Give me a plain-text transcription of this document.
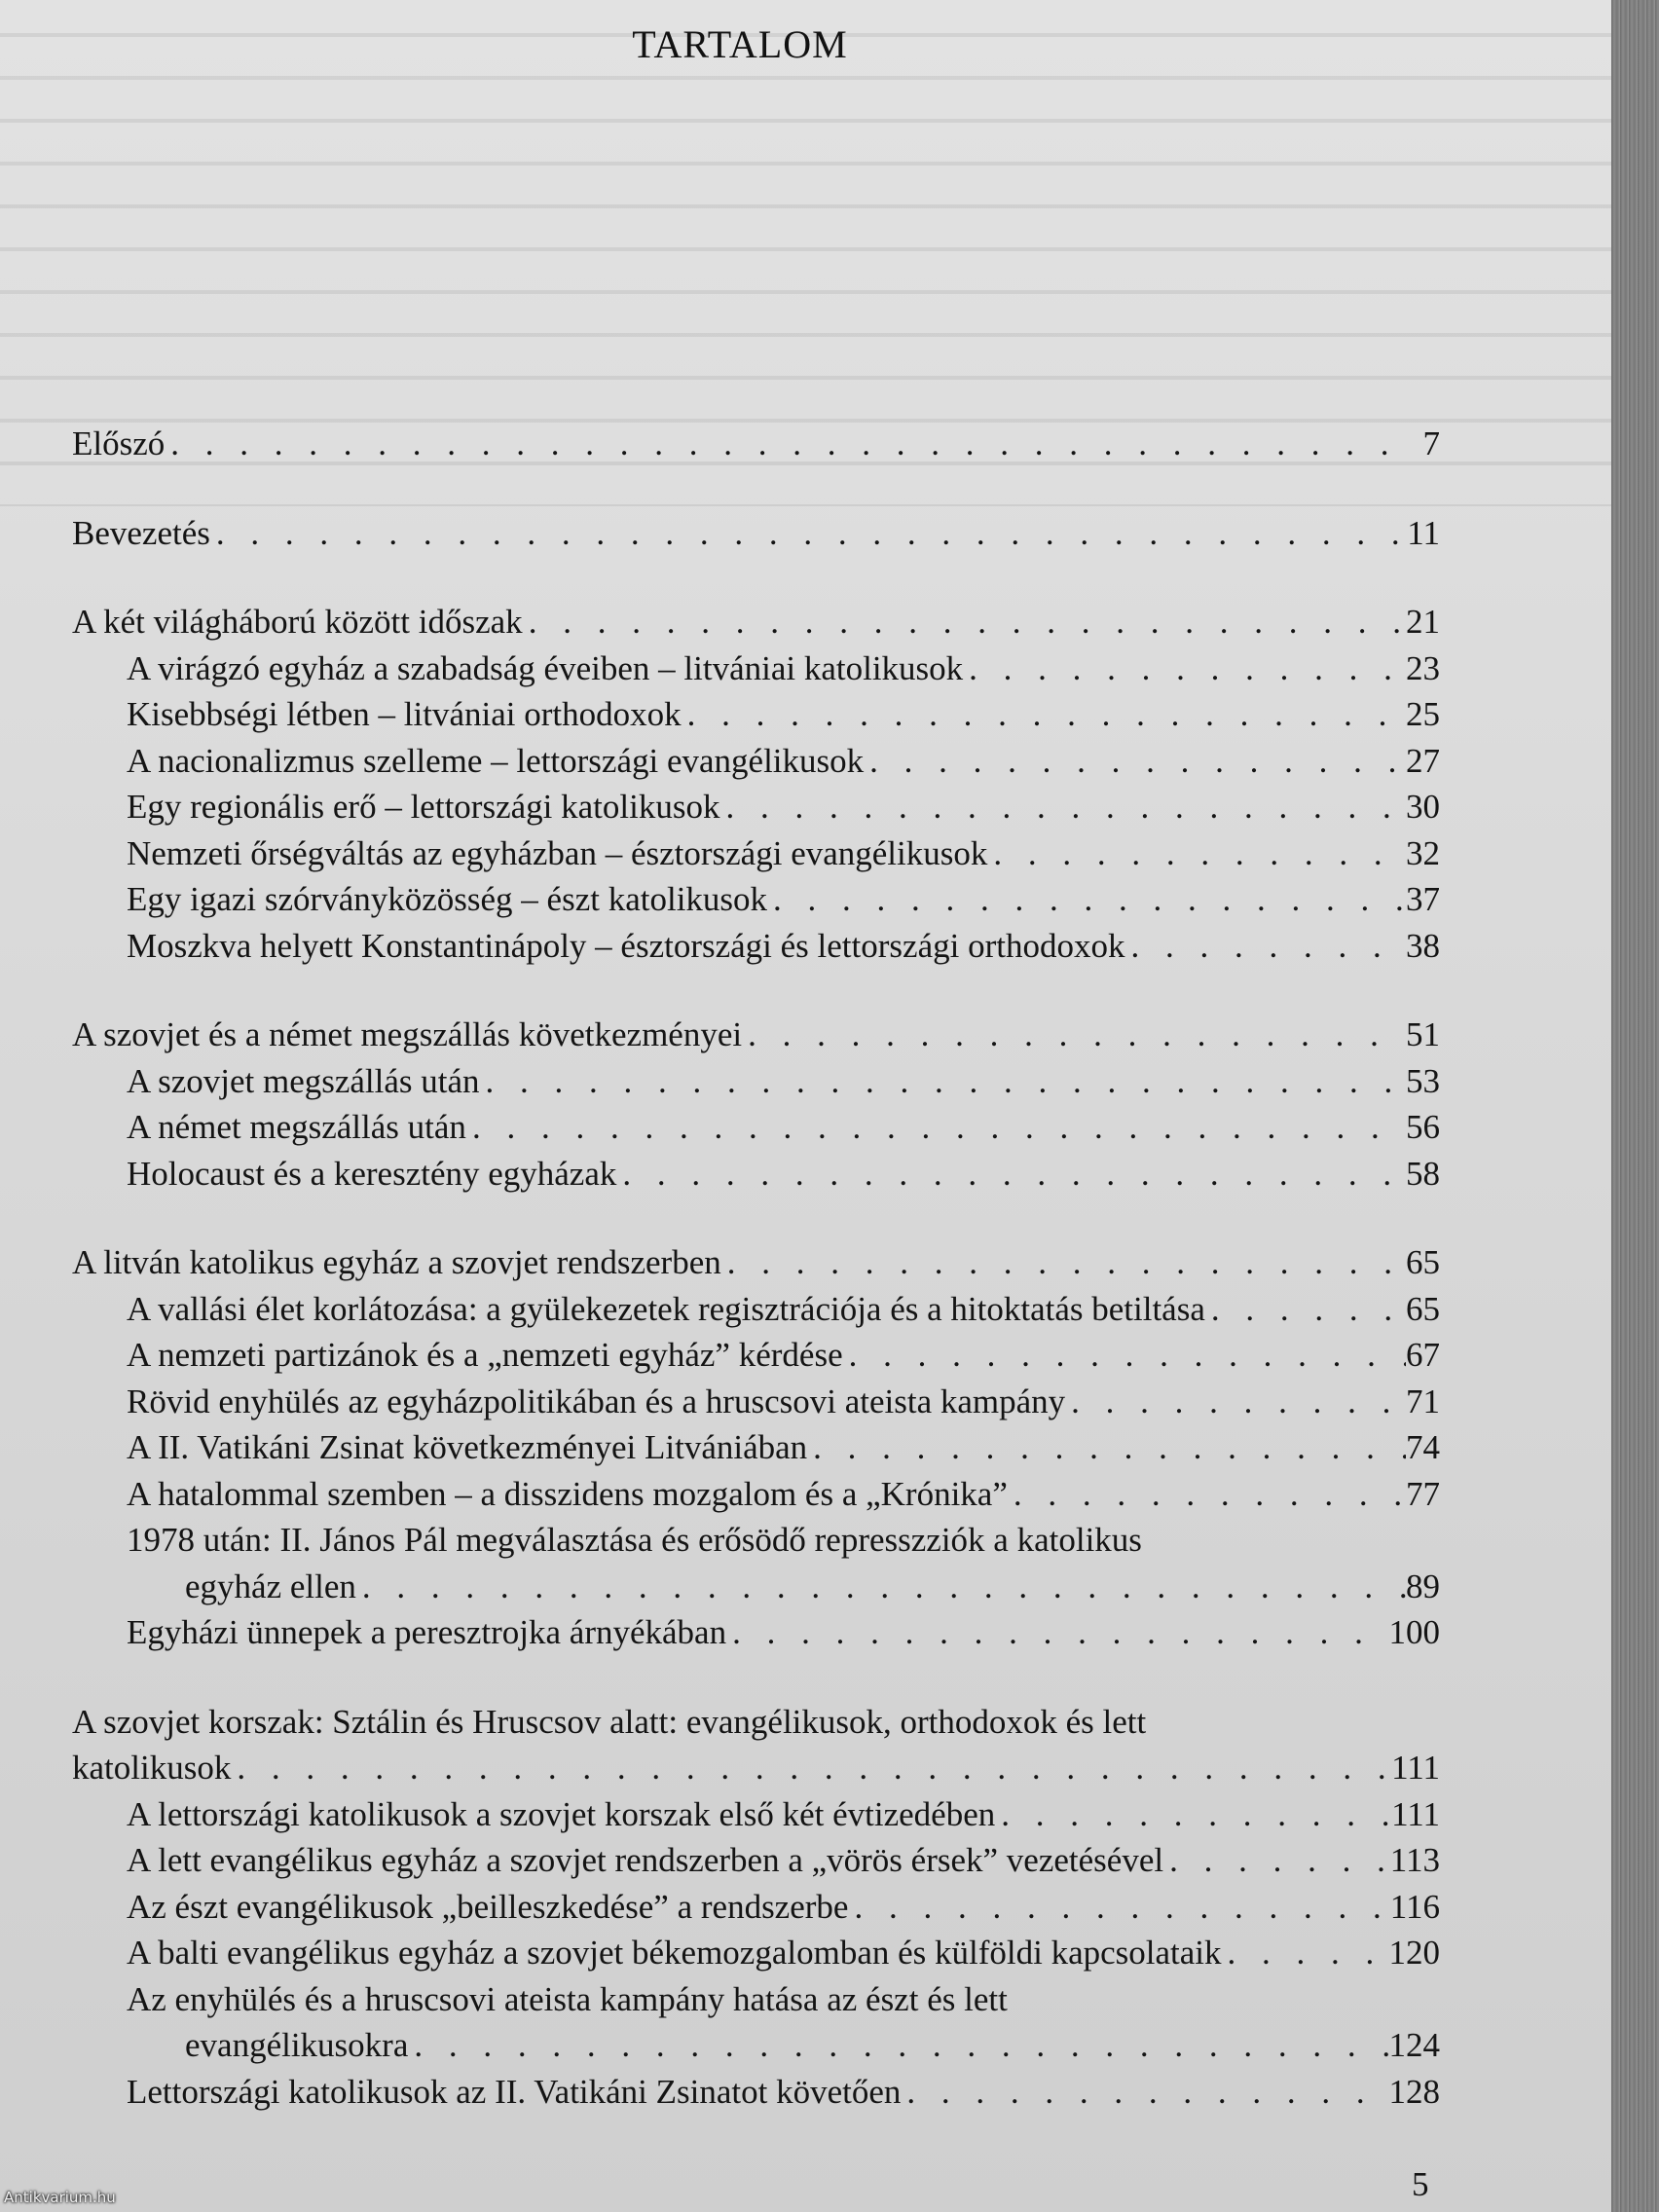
TARTALOM
Előszó . . .	7
Bevezetés . . .	11
A két világháború között időszak . . .	21
A virágzó egyház a szabadság éveiben – litvániai katolikusok . . .	23
Kisebbségi létben – litvániai orthodoxok . . .	25
A nacionalizmus szelleme – lettországi evangélikusok . . .	27
Egy regionális erő – lettországi katolikusok . . .	30
Nemzeti őrségváltás az egyházban – észtországi evangélikusok . . .	32
Egy igazi szórványközösség – észt katolikusok . . .	37
Moszkva helyett Konstantinápoly – észtországi és lettországi orthodoxok . . .	38
A szovjet és a német megszállás következményei . . .	51
A szovjet megszállás után . . .	53
A német megszállás után . . .	56
Holocaust és a keresztény egyházak . . .	58
A litván katolikus egyház a szovjet rendszerben . . .	65
A vallási élet korlátozása: a gyülekezetek regisztrációja és a hitoktatás betiltása . . .	65
A nemzeti partizánok és a „nemzeti egyház” kérdése . . .	67
Rövid enyhülés az egyházpolitikában és a hruscsovi ateista kampány . . .	71
A II. Vatikáni Zsinat következményei Litvániában . . .	74
A hatalommal szemben – a disszidens mozgalom és a „Krónika” . . .	77
1978 után: II. János Pál megválasztása és erősödő represszziók a katolikus
egyház ellen . . .	89
Egyházi ünnepek a peresztrojka árnyékában . . .	100
A szovjet korszak: Sztálin és Hruscsov alatt: evangélikusok, orthodoxok és lett
katolikusok . . .	111
A lettországi katolikusok a szovjet korszak első két évtizedében . . .	111
A lett evangélikus egyház a szovjet rendszerben a „vörös érsek” vezetésével . . .	113
Az észt evangélikusok „beilleszkedése” a rendszerbe . . .	116
A balti evangélikus egyház a szovjet békemozgalomban és külföldi kapcsolataik . . .	120
Az enyhülés és a hruscsovi ateista kampány hatása az észt és lett
evangélikusokra . . .	124
Lettországi katolikusok az II. Vatikáni Zsinatot követően . . .	128
5
Antikvarium.hu
